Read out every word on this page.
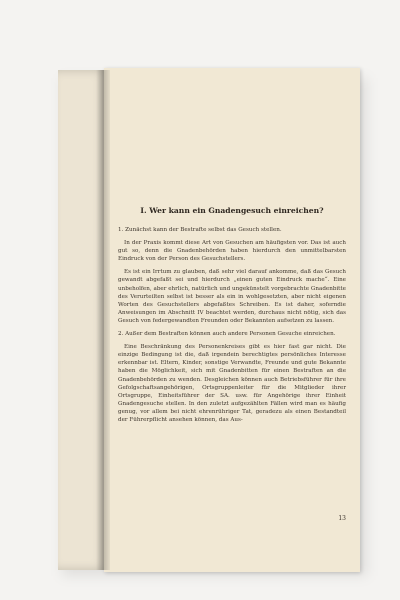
I. Wer kann ein Gnadengesuch einreichen?

1. Zunächst kann der Bestrafte selbst das Gesuch stellen.

In der Praxis kommt diese Art von Gesuchen am häufigsten vor. Das ist auch gut so, denn die Gnadenbehörden haben hierdurch den unmittelbarsten Eindruck von der Person des Gesuchstellers.

Es ist ein Irrtum zu glauben, daß sehr viel darauf ankomme, daß das Gesuch gewandt abgefaßt sei und hierdurch „einen guten Eindruck mache“. Eine unbeholfen, aber ehrlich, natürlich und ungekünstelt vorgebrachte Gnadenbitte des Verurteilten selbst ist besser als ein in wohlgesetzten, aber nicht eigenen Worten des Gesuchstellers abgefaßtes Schreiben. Es ist daher, soferndie Anweisungen im Abschnitt IV beachtet werden, durchaus nicht nötig, sich das Gesuch von federgewandten Freunden oder Bekannten aufsetzen zu lassen.

2. Außer dem Bestraften können auch andere Personen Gesuche einreichen.

Eine Beschränkung des Personenkreises gibt es hier fast gar nicht. Die einzige Bedingung ist die, daß irgendein berechtigtes persönliches Interesse erkennbar ist. Eltern, Kinder, sonstige Verwandte, Freunde und gute Bekannte haben die Möglichkeit, sich mit Gnadenbitten für einen Bestraften an die Gnadenbehörden zu wenden. Desgleichen können auch Betriebsführer für ihre Gefolgschaftsangehörigen, Ortsgruppenleiter für die Mitglieder ihrer Ortsgruppe, Einheitsführer der SA. usw. für Angehörige ihrer Einheit Gnadengesuche stellen. In den zuletzt aufgezählten Fällen wird man es häufig genug, vor allem bei nicht ehrenrühriger Tat, geradezu als einen Bestandteil der Führerpflicht ansehen können, das Aus-

13
